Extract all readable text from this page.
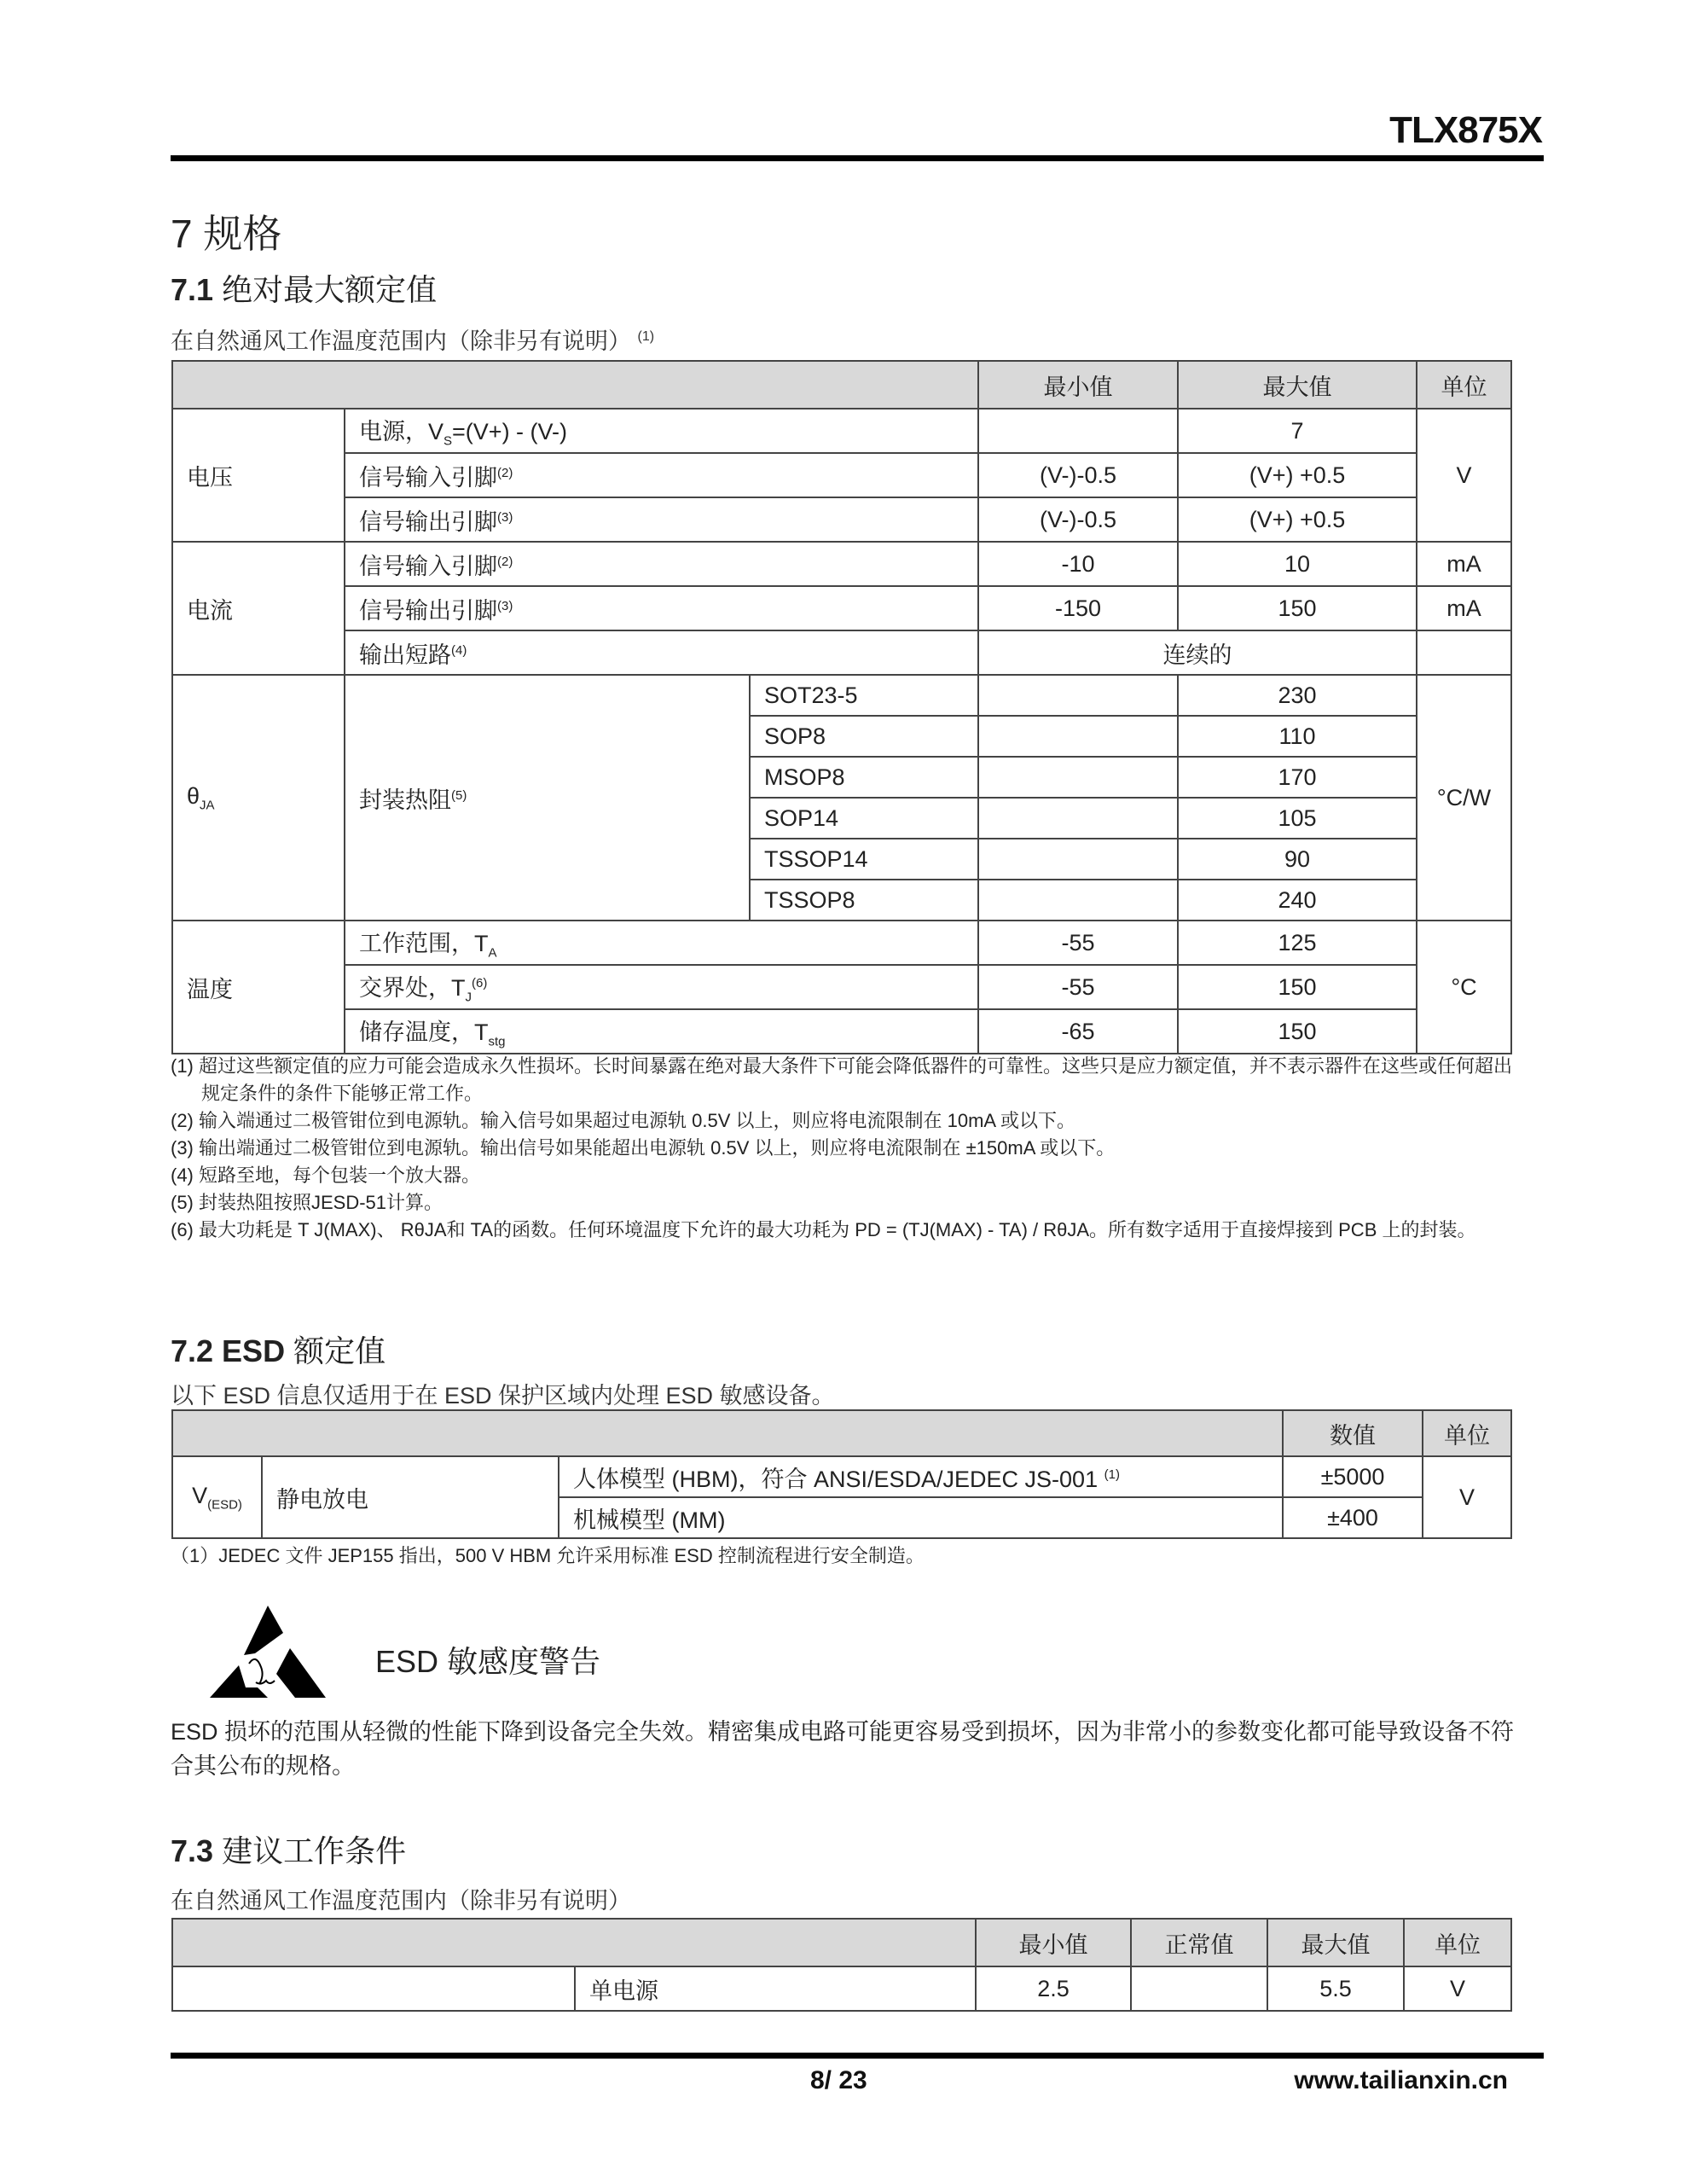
TLX875X
7 规格
7.1 绝对最大额定值
在自然通风工作温度范围内（除非另有说明） $^{(1)}$
			最小值	最大值	单位
电压	电源，$V_S=(V+) - (V-)$			7	V
	信号输入引脚$^{(2)}$		(V-)-0.5	(V+) +0.5	
	信号输出引脚$^{(3)}$		(V-)-0.5	(V+) +0.5	
电流	信号输入引脚$^{(2)}$		-10	10	mA
	信号输出引脚$^{(3)}$		-150	150	mA
	输出短路$^{(4)}$		连续的		
$\theta_{JA}$	封装热阻$^{(5)}$	SOT23-5		230	°C/W
		SOP8		110	
		MSOP8		170	
		SOP14		105	
		TSSOP14		90	
		TSSOP8		240	
温度	工作范围，$T_A$		-55	125	°C
	交界处，$T_J^{(6)}$		-55	150	
	储存温度，$T_{stg}$		-65	150	
(1) 超过这些额定值的应力可能会造成永久性损坏。长时间暴露在绝对最大条件下可能会降低器件的可靠性。这些只是应力额定值，并不表示器件在这些或任何超出规定条件的条件下能够正常工作。
(2) 输入端通过二极管钳位到电源轨。输入信号如果超过电源轨 0.5V 以上，则应将电流限制在 10mA 或以下。
(3) 输出端通过二极管钳位到电源轨。输出信号如果能超出电源轨 0.5V 以上，则应将电流限制在 ±150mA 或以下。
(4) 短路至地，每个包装一个放大器。
(5) 封装热阻按照JESD-51计算。
(6) 最大功耗是 T J(MAX)、 RθJA和 TA的函数。任何环境温度下允许的最大功耗为 PD = (TJ(MAX) - TA) / RθJA。所有数字适用于直接焊接到 PCB 上的封装。
7.2 ESD 额定值
以下 ESD 信息仅适用于在 ESD 保护区域内处理 ESD 敏感设备。
			数值	单位
$V_{(ESD)}$	静电放电	人体模型 (HBM)，符合 ANSI/ESDA/JEDEC JS-001 $^{(1)}$	±5000	V
		机械模型 (MM)	±400	
（1）JEDEC 文件 JEP155 指出，500 V HBM 允许采用标准 ESD 控制流程进行安全制造。
ESD 敏感度警告
ESD 损坏的范围从轻微的性能下降到设备完全失效。精密集成电路可能更容易受到损坏，因为非常小的参数变化都可能导致设备不符合其公布的规格。
7.3 建议工作条件
在自然通风工作温度范围内（除非另有说明）
		最小值	正常值	最大值	单位
	单电源	2.5		5.5	V
8/ 23	www.tailianxin.cn
